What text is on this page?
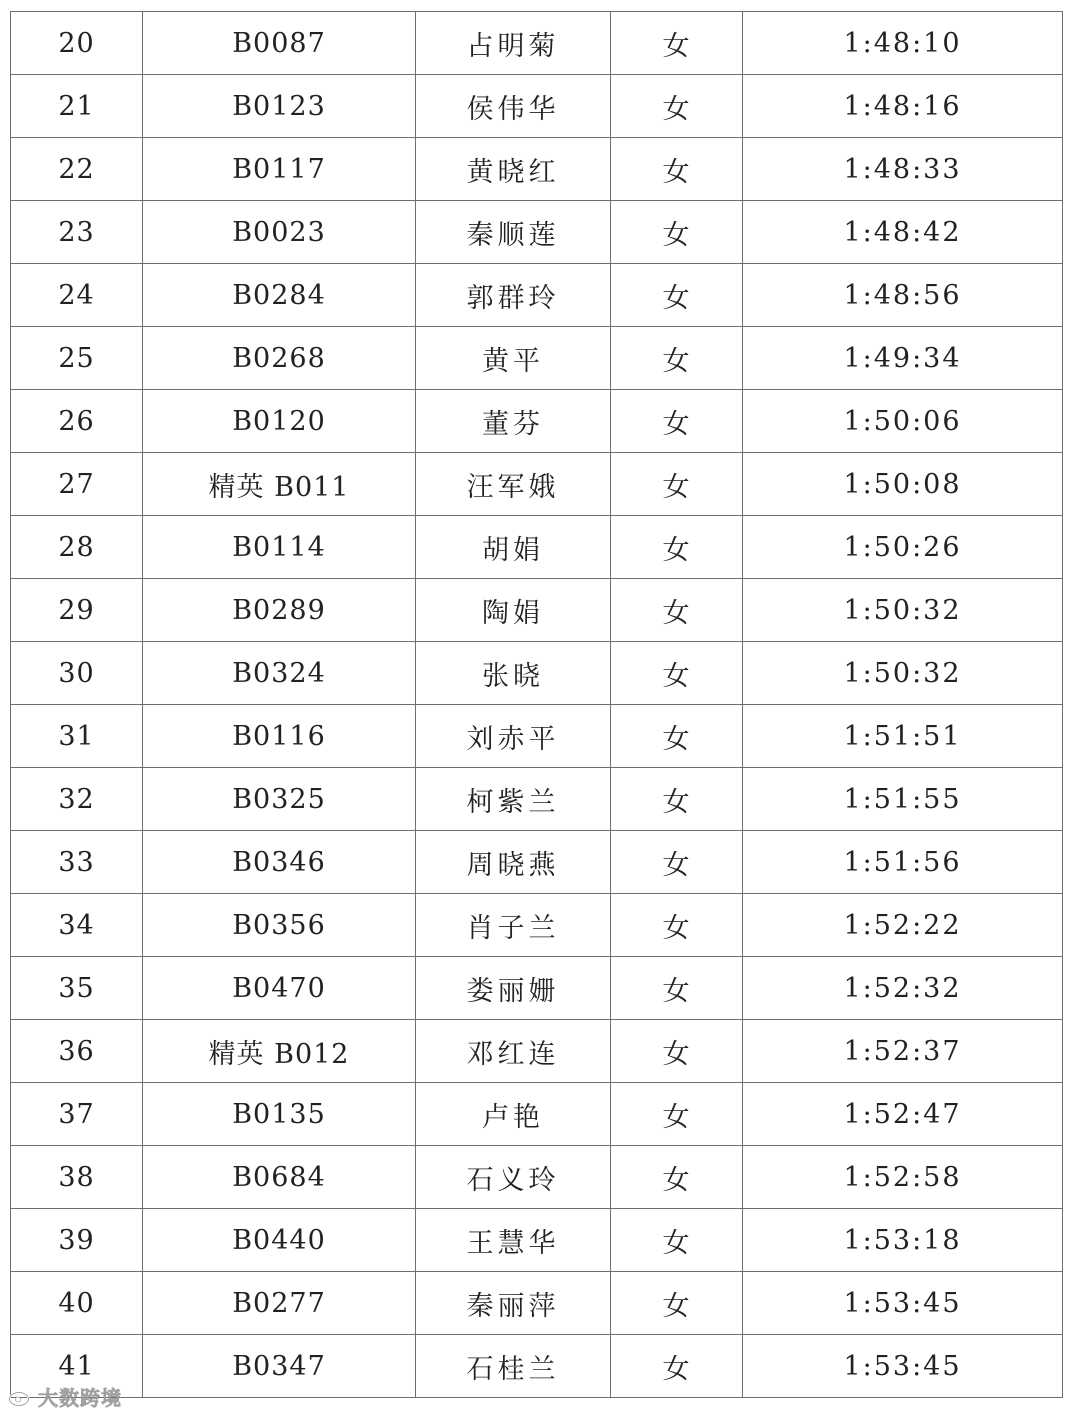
20	B0087	占明菊	女	1:48:10
21	B0123	侯伟华	女	1:48:16
22	B0117	黄晓红	女	1:48:33
23	B0023	秦顺莲	女	1:48:42
24	B0284	郭群玲	女	1:48:56
25	B0268	黄平	女	1:49:34
26	B0120	董芬	女	1:50:06
27	精英 B011	汪军娥	女	1:50:08
28	B0114	胡娟	女	1:50:26
29	B0289	陶娟	女	1:50:32
30	B0324	张晓	女	1:50:32
31	B0116	刘赤平	女	1:51:51
32	B0325	柯紫兰	女	1:51:55
33	B0346	周晓燕	女	1:51:56
34	B0356	肖子兰	女	1:52:22
35	B0470	娄丽姗	女	1:52:32
36	精英 B012	邓红连	女	1:52:37
37	B0135	卢艳	女	1:52:47
38	B0684	石义玲	女	1:52:58
39	B0440	王慧华	女	1:53:18
40	B0277	秦丽萍	女	1:53:45
41	B0347	石桂兰	女	1:53:45
大数跨境
